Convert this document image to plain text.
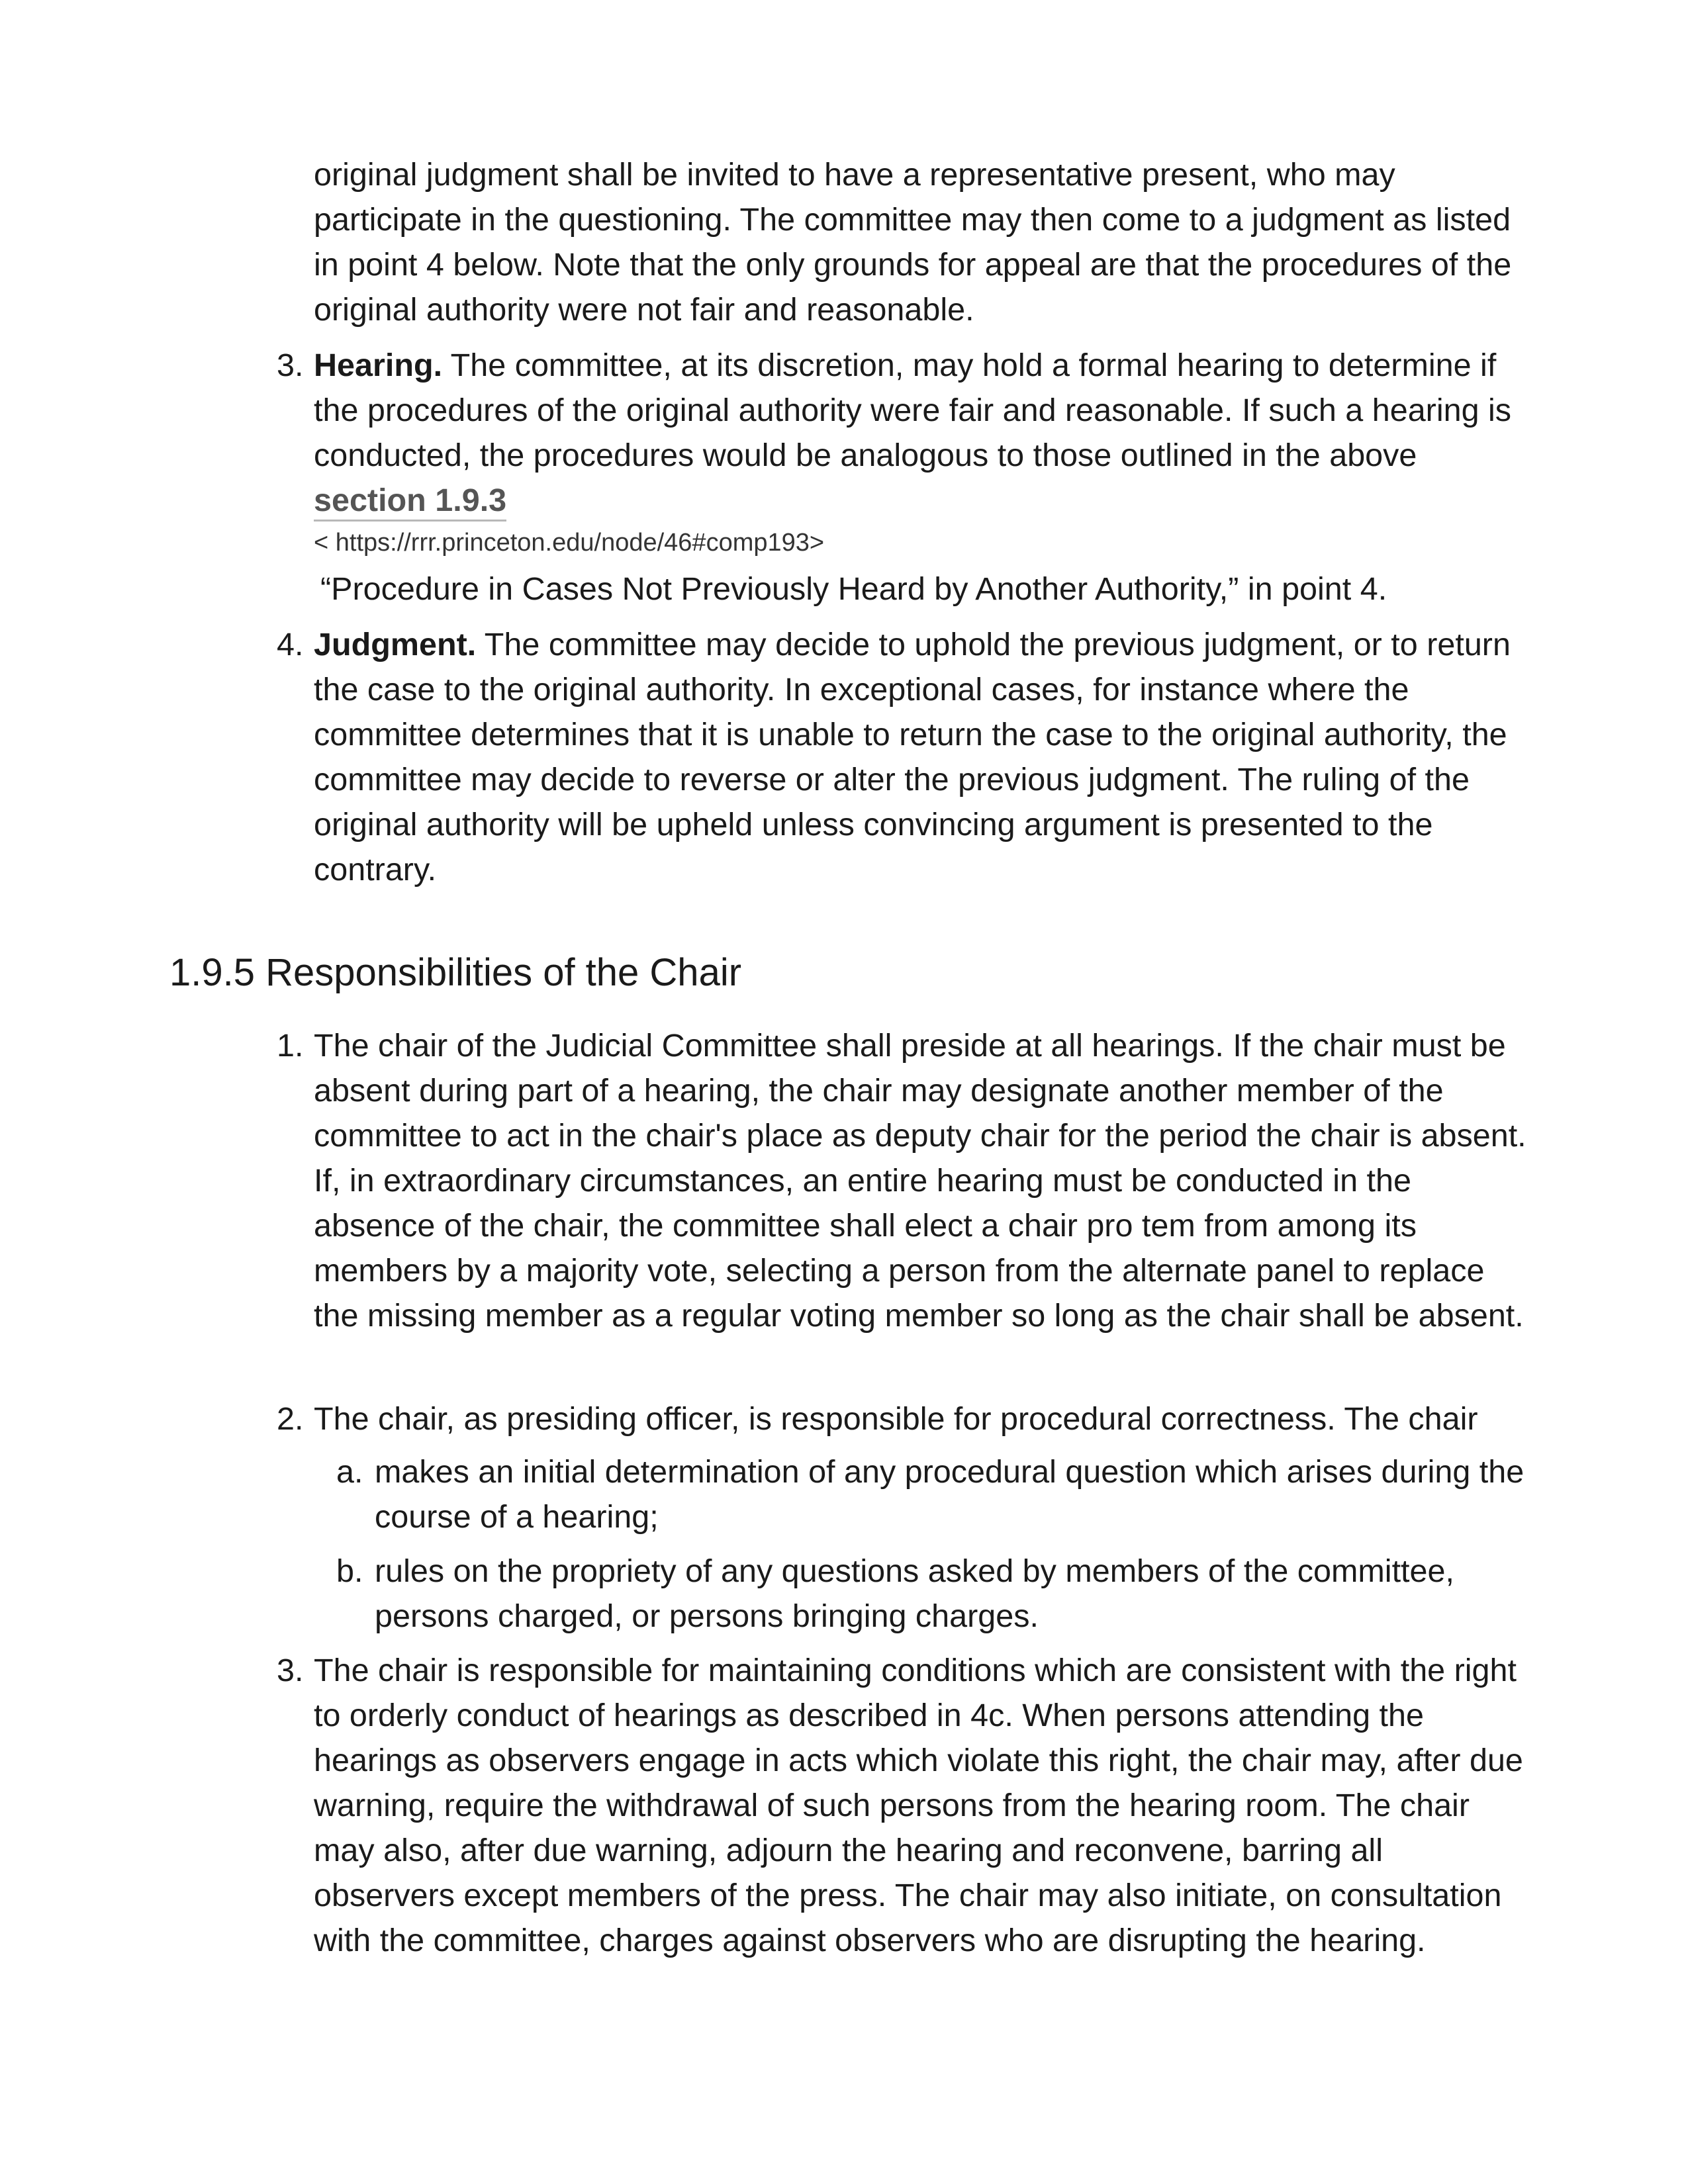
original judgment shall be invited to have a representative present, who may participate in the questioning. The committee may then come to a judgment as listed in point 4 below. Note that the only grounds for appeal are that the procedures of the original authority were not fair and reasonable.

3. Hearing. The committee, at its discretion, may hold a formal hearing to determine if the procedures of the original authority were fair and reasonable. If such a hearing is conducted, the procedures would be analogous to those outlined in the above section 1.9.3

< https://rrr.princeton.edu/node/46#comp193>

“Procedure in Cases Not Previously Heard by Another Authority,” in point 4.

4. Judgment. The committee may decide to uphold the previous judgment, or to return the case to the original authority. In exceptional cases, for instance where the committee determines that it is unable to return the case to the original authority, the committee may decide to reverse or alter the previous judgment. The ruling of the original authority will be upheld unless convincing argument is presented to the contrary.

1.9.5 Responsibilities of the Chair
1. The chair of the Judicial Committee shall preside at all hearings. If the chair must be absent during part of a hearing, the chair may designate another member of the committee to act in the chair's place as deputy chair for the period the chair is absent. If, in extraordinary circumstances, an entire hearing must be conducted in the absence of the chair, the committee shall elect a chair pro tem from among its members by a majority vote, selecting a person from the alternate panel to replace the missing member as a regular voting member so long as the chair shall be absent.

2. The chair, as presiding officer, is responsible for procedural correctness. The chair

a. makes an initial determination of any procedural question which arises during the course of a hearing;

b. rules on the propriety of any questions asked by members of the committee, persons charged, or persons bringing charges.

3. The chair is responsible for maintaining conditions which are consistent with the right to orderly conduct of hearings as described in 4c. When persons attending the hearings as observers engage in acts which violate this right, the chair may, after due warning, require the withdrawal of such persons from the hearing room. The chair may also, after due warning, adjourn the hearing and reconvene, barring all observers except members of the press. The chair may also initiate, on consultation with the committee, charges against observers who are disrupting the hearing.
